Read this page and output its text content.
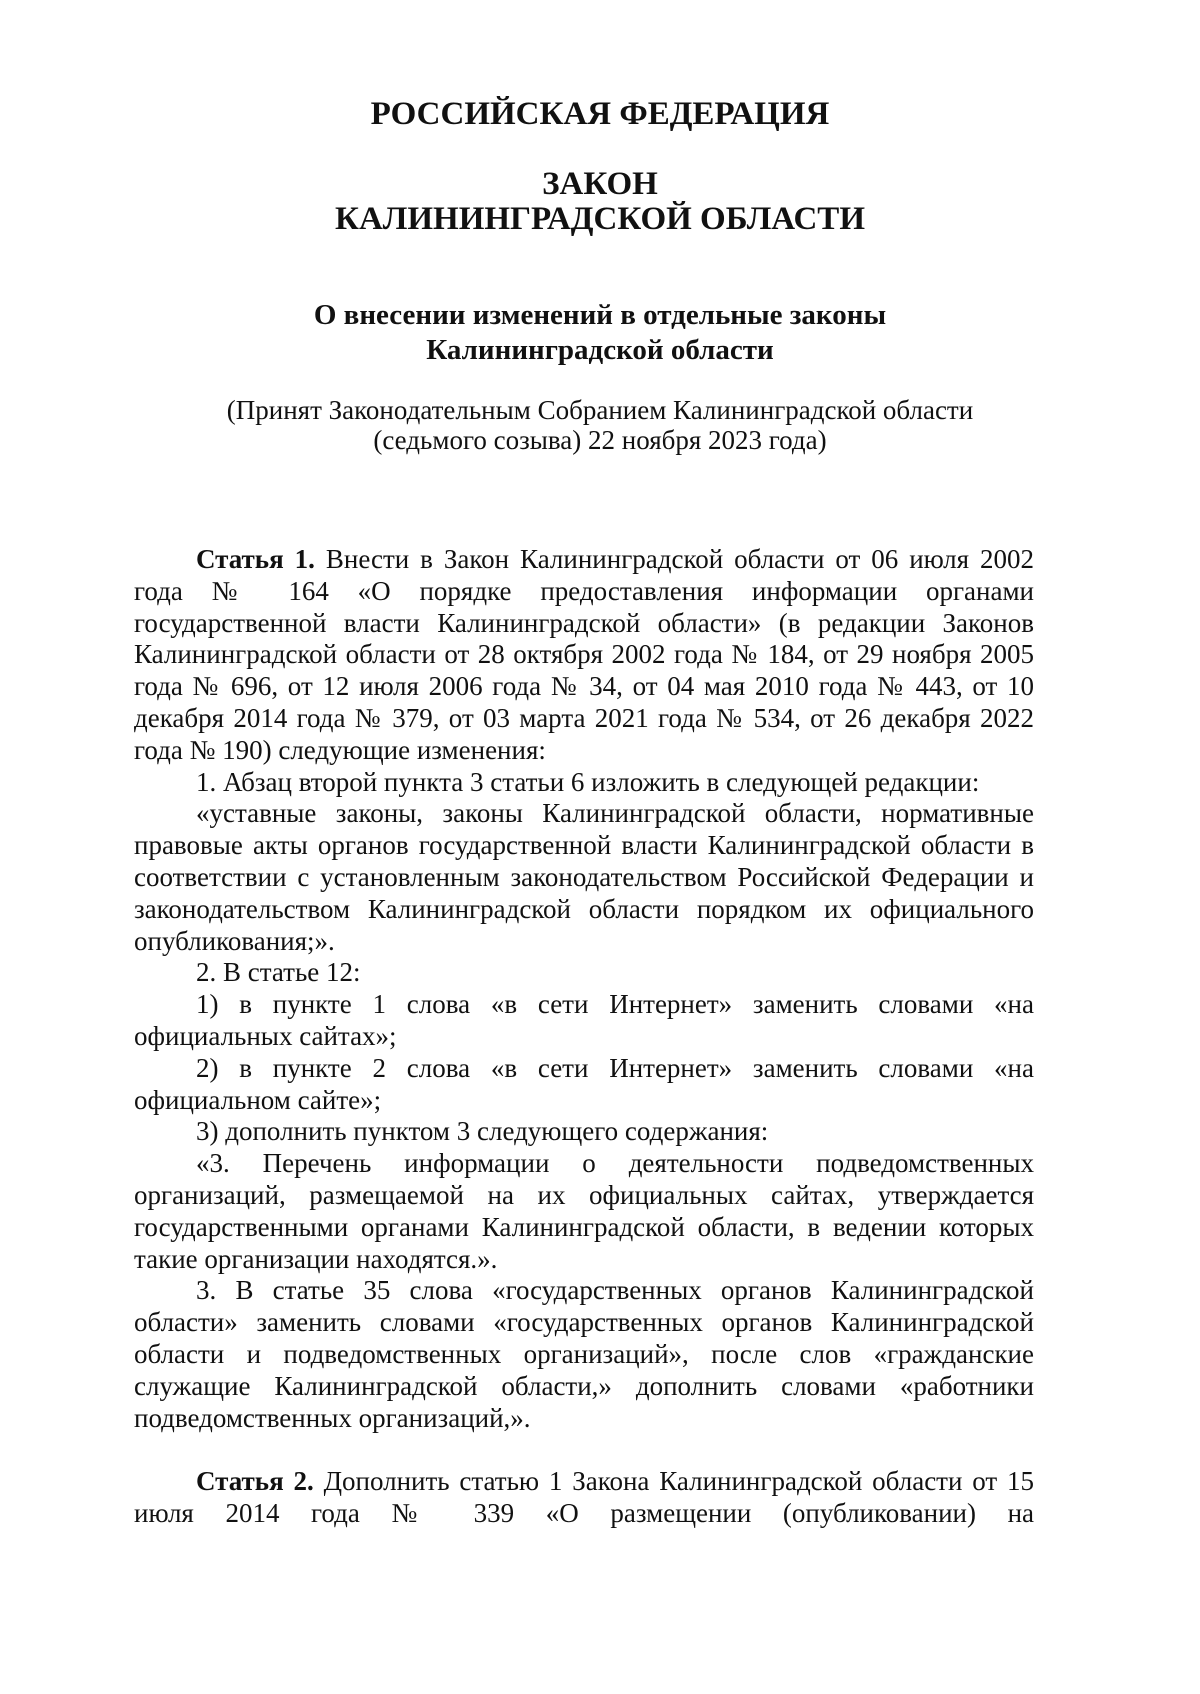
РОССИЙСКАЯ ФЕДЕРАЦИЯ
ЗАКОН
КАЛИНИНГРАДСКОЙ ОБЛАСТИ
О внесении изменений в отдельные законы
Калининградской области
(Принят Законодательным Собранием Калининградской области
(седьмого созыва) 22 ноября 2023 года)

Статья 1. Внести в Закон Калининградской области от 06 июля 2002 года № 164 «О порядке предоставления информации органами государственной власти Калининградской области» (в редакции Законов Калининградской области от 28 октября 2002 года № 184, от 29 ноября 2005 года № 696, от 12 июля 2006 года № 34, от 04 мая 2010 года № 443, от 10 декабря 2014 года № 379, от 03 марта 2021 года № 534, от 26 декабря 2022 года № 190) следующие изменения:

1. Абзац второй пункта 3 статьи 6 изложить в следующей редакции:

«уставные законы, законы Калининградской области, нормативные правовые акты органов государственной власти Калининградской области в соответствии с установленным законодательством Российской Федерации и законодательством Калининградской области порядком их официального опубликования;».

2. В статье 12:

1) в пункте 1 слова «в сети Интернет» заменить словами «на официальных сайтах»;

2) в пункте 2 слова «в сети Интернет» заменить словами «на официальном сайте»;

3) дополнить пунктом 3 следующего содержания:

«3. Перечень информации о деятельности подведомственных организаций, размещаемой на их официальных сайтах, утверждается государственными органами Калининградской области, в ведении которых такие организации находятся.».

3. В статье 35 слова «государственных органов Калининградской области» заменить словами «государственных органов Калининградской области и подведомственных организаций», после слов «гражданские служащие Калининградской области,» дополнить словами «работники подведомственных организаций,».

Статья 2. Дополнить статью 1 Закона Калининградской области от 15 июля 2014 года № 339 «О размещении (опубликовании) на
